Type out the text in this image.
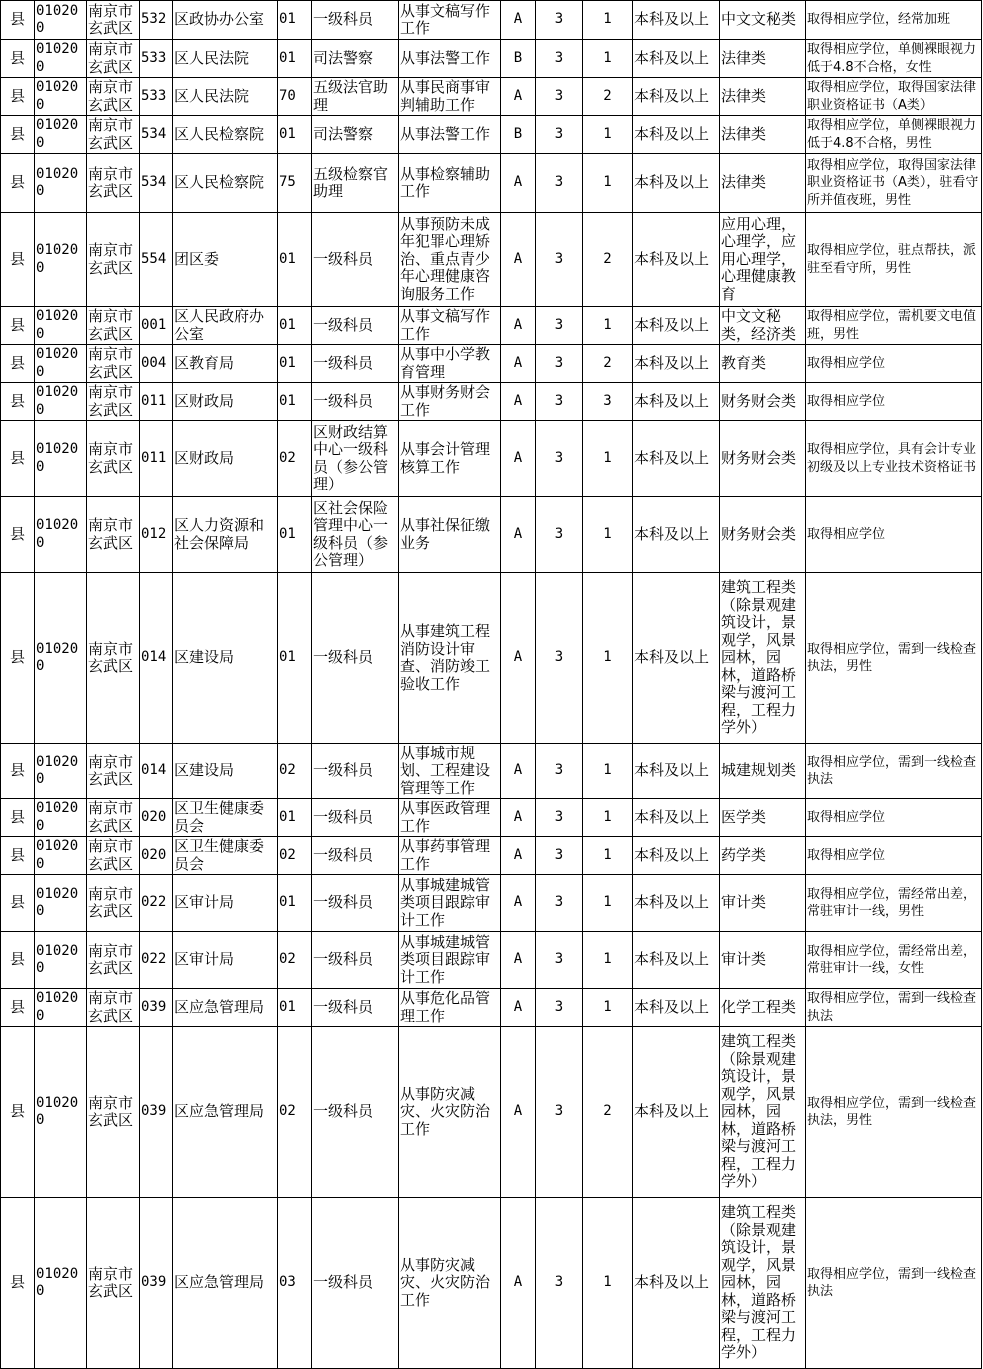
县	010200	南京市玄武区	532	区政协办公室	01	一级科员	从事文稿写作工作	A	3	1	本科及以上	中文文秘类	取得相应学位，经常加班
县	010200	南京市玄武区	533	区人民法院	01	司法警察	从事法警工作	B	3	1	本科及以上	法律类	取得相应学位，单侧裸眼视力低于4.8不合格，女性
县	010200	南京市玄武区	533	区人民法院	70	五级法官助理	从事民商事审判辅助工作	A	3	2	本科及以上	法律类	取得相应学位，取得国家法律职业资格证书（A类）
县	010200	南京市玄武区	534	区人民检察院	01	司法警察	从事法警工作	B	3	1	本科及以上	法律类	取得相应学位，单侧裸眼视力低于4.8不合格，男性
县	010200	南京市玄武区	534	区人民检察院	75	五级检察官助理	从事检察辅助工作	A	3	1	本科及以上	法律类	取得相应学位，取得国家法律职业资格证书（A类），驻看守所并值夜班，男性
县	010200	南京市玄武区	554	团区委	01	一级科员	从事预防未成年犯罪心理矫治、重点青少年心理健康咨询服务工作	A	3	2	本科及以上	应用心理，心理学，应用心理学，心理健康教育	取得相应学位，驻点帮扶，派驻至看守所，男性
县	010200	南京市玄武区	001	区人民政府办公室	01	一级科员	从事文稿写作工作	A	3	1	本科及以上	中文文秘类，经济类	取得相应学位，需机要文电值班，男性
县	010200	南京市玄武区	004	区教育局	01	一级科员	从事中小学教育管理	A	3	2	本科及以上	教育类	取得相应学位
县	010200	南京市玄武区	011	区财政局	01	一级科员	从事财务财会工作	A	3	3	本科及以上	财务财会类	取得相应学位
县	010200	南京市玄武区	011	区财政局	02	区财政结算中心一级科员（参公管理）	从事会计管理核算工作	A	3	1	本科及以上	财务财会类	取得相应学位，具有会计专业初级及以上专业技术资格证书
县	010200	南京市玄武区	012	区人力资源和社会保障局	01	区社会保险管理中心一级科员（参公管理）	从事社保征缴业务	A	3	1	本科及以上	财务财会类	取得相应学位
县	010200	南京市玄武区	014	区建设局	01	一级科员	从事建筑工程消防设计审查、消防竣工验收工作	A	3	1	本科及以上	建筑工程类（除景观建筑设计，景观学，风景园林，园林，道路桥梁与渡河工程，工程力学外）	取得相应学位，需到一线检查执法，男性
县	010200	南京市玄武区	014	区建设局	02	一级科员	从事城市规划、工程建设管理等工作	A	3	1	本科及以上	城建规划类	取得相应学位，需到一线检查执法
县	010200	南京市玄武区	020	区卫生健康委员会	01	一级科员	从事医政管理工作	A	3	1	本科及以上	医学类	取得相应学位
县	010200	南京市玄武区	020	区卫生健康委员会	02	一级科员	从事药事管理工作	A	3	1	本科及以上	药学类	取得相应学位
县	010200	南京市玄武区	022	区审计局	01	一级科员	从事城建城管类项目跟踪审计工作	A	3	1	本科及以上	审计类	取得相应学位，需经常出差，常驻审计一线，男性
县	010200	南京市玄武区	022	区审计局	02	一级科员	从事城建城管类项目跟踪审计工作	A	3	1	本科及以上	审计类	取得相应学位，需经常出差，常驻审计一线，女性
县	010200	南京市玄武区	039	区应急管理局	01	一级科员	从事危化品管理工作	A	3	1	本科及以上	化学工程类	取得相应学位，需到一线检查执法
县	010200	南京市玄武区	039	区应急管理局	02	一级科员	从事防灾减灾、火灾防治工作	A	3	2	本科及以上	建筑工程类（除景观建筑设计，景观学，风景园林，园林，道路桥梁与渡河工程，工程力学外）	取得相应学位，需到一线检查执法，男性
县	010200	南京市玄武区	039	区应急管理局	03	一级科员	从事防灾减灾、火灾防治工作	A	3	1	本科及以上	建筑工程类（除景观建筑设计，景观学，风景园林，园林，道路桥梁与渡河工程，工程力学外）	取得相应学位，需到一线检查执法
